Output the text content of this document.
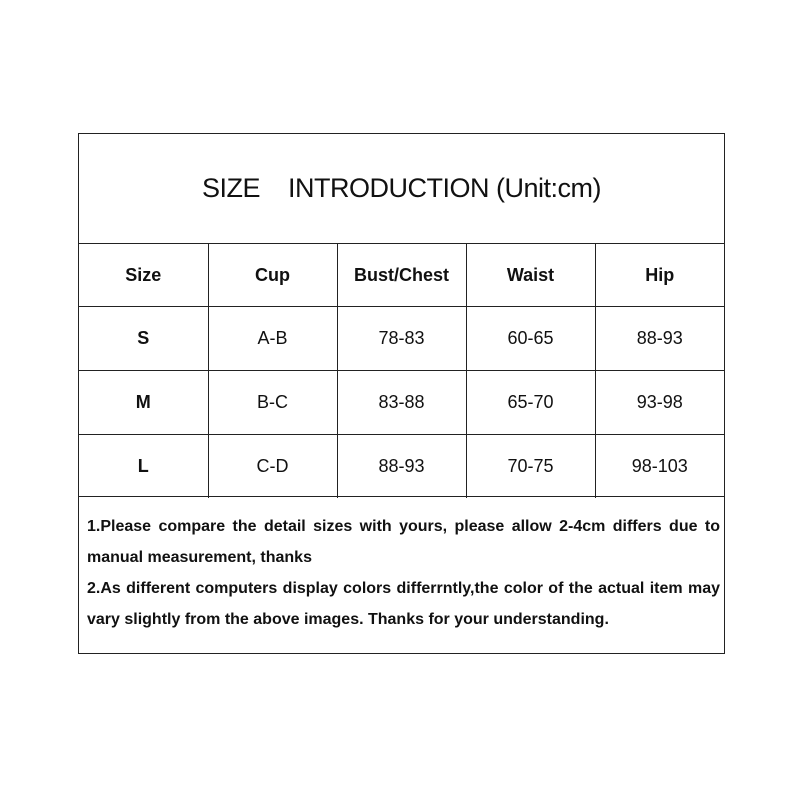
SIZE    INTRODUCTION (Unit:cm)
Size	Cup	Bust/Chest	Waist	Hip
S	A-B	78-83	60-65	88-93
M	B-C	83-88	65-70	93-98
L	C-D	88-93	70-75	98-103

1.Please compare the detail sizes with yours, please allow 2-4cm differs due to manual measurement, thanks

2.As different computers display colors differrntly,the color of the actual item may vary slightly from the above images. Thanks for your understanding.
